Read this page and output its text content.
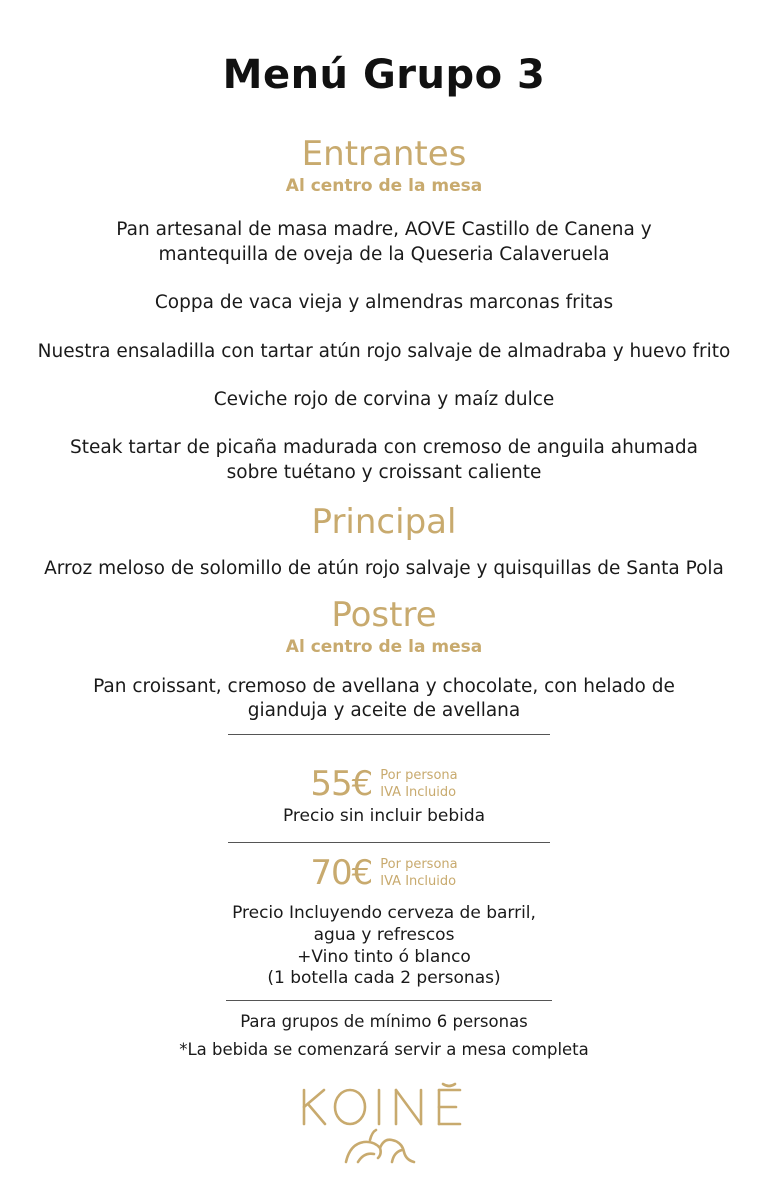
Menú Grupo 3
Entrantes
Al centro de la mesa
Pan artesanal de masa madre, AOVE Castillo de Canena y
mantequilla de oveja de la Queseria Calaveruela
Coppa de vaca vieja y almendras marconas fritas
Nuestra ensaladilla con tartar atún rojo salvaje de almadraba y huevo frito
Ceviche rojo de corvina y maíz dulce
Steak tartar de picaña madurada con cremoso de anguila ahumada
sobre tuétano y croissant caliente
Principal
Arroz meloso de solomillo de atún rojo salvaje y quisquillas de Santa Pola
Postre
Al centro de la mesa
Pan croissant, cremoso de avellana y chocolate, con helado de
gianduja y aceite de avellana
55€ Por persona
IVA Incluido
Precio sin incluir bebida
70€ Por persona
IVA Incluido
Precio Incluyendo cerveza de barril,
agua y refrescos
+Vino tinto ó blanco
(1 botella cada 2 personas)
Para grupos de mínimo 6 personas
*La bebida se comenzará servir a mesa completa
